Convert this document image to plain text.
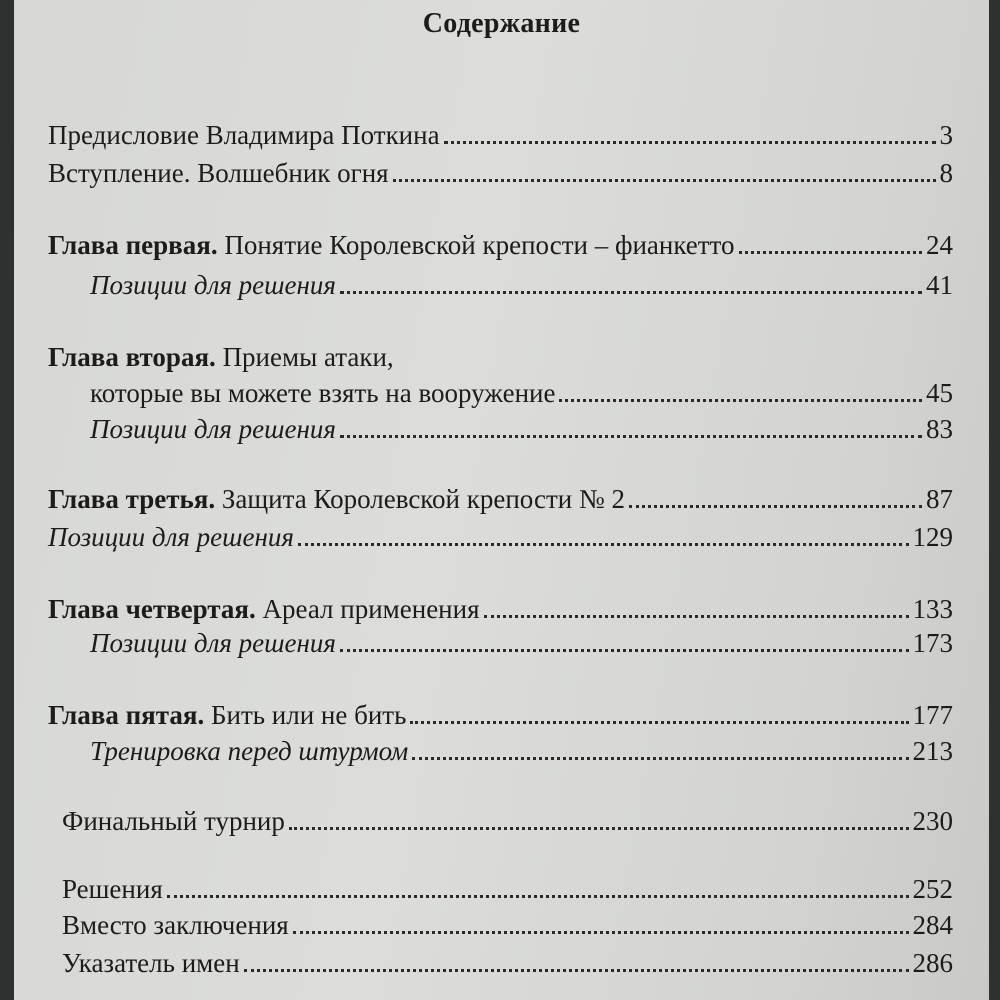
Содержание
Предисловие Владимира Поткина	3
Вступление. Волшебник огня	8
Глава первая. Понятие Королевской крепости – фианкетто	24
Позиции для решения	41
Глава вторая. Приемы атаки,
которые вы можете взять на вооружение	45
Позиции для решения	83
Глава третья. Защита Королевской крепости № 2	87
Позиции для решения	129
Глава четвертая. Ареал применения	133
Позиции для решения	173
Глава пятая. Бить или не бить	177
Тренировка перед штурмом	213
Финальный турнир	230
Решения	252
Вместо заключения	284
Указатель имен	286
